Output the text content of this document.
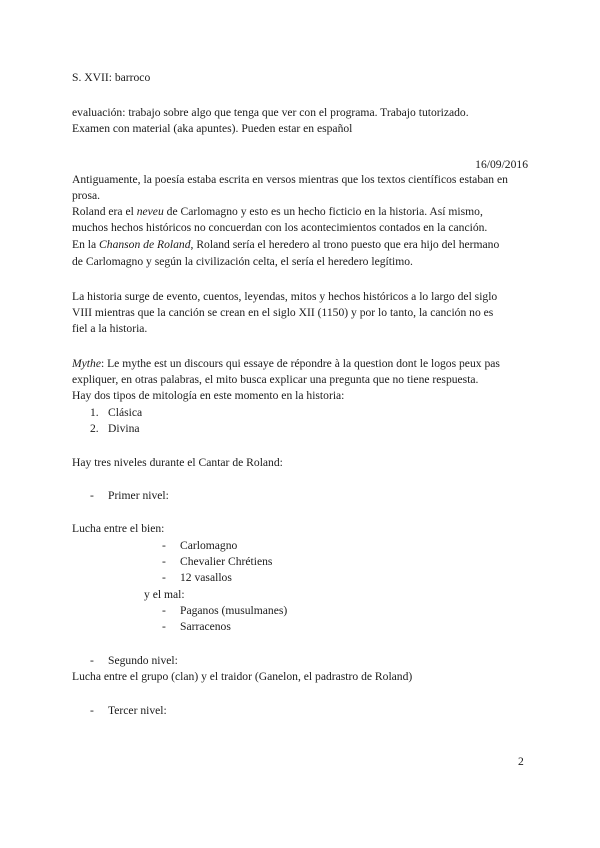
S. XVII: barroco
evaluación: trabajo sobre algo que tenga que ver con el programa. Trabajo tutorizado.
Examen con material (aka apuntes). Pueden estar en español
16/09/2016
Antiguamente, la poesía estaba escrita en versos mientras que los textos científicos estaban en
prosa.
Roland era el neveu de Carlomagno y esto es un hecho ficticio en la historia. Así mismo,
muchos hechos históricos no concuerdan con los acontecimientos contados en la canción.
En la Chanson de Roland, Roland sería el heredero al trono puesto que era hijo del hermano
de Carlomagno y según la civilización celta, el sería el heredero legítimo.
La historia surge de evento, cuentos, leyendas, mitos y hechos históricos a lo largo del siglo
VIII mientras que la canción se crean en el siglo XII (1150) y por lo tanto, la canción no es
fiel a la historia.
Mythe: Le mythe est un discours qui essaye de répondre à la question dont le logos peux pas
expliquer, en otras palabras, el mito busca explicar una pregunta que no tiene respuesta.
Hay dos tipos de mitología en este momento en la historia:
1. Clásica
2. Divina
Hay tres niveles durante el Cantar de Roland:
- Primer nivel:
Lucha entre el bien:
- Carlomagno
- Chevalier Chrétiens
- 12 vasallos
y el mal:
- Paganos (musulmanes)
- Sarracenos
- Segundo nivel:
Lucha entre el grupo (clan) y el traidor (Ganelon, el padrastro de Roland)
- Tercer nivel:
2
